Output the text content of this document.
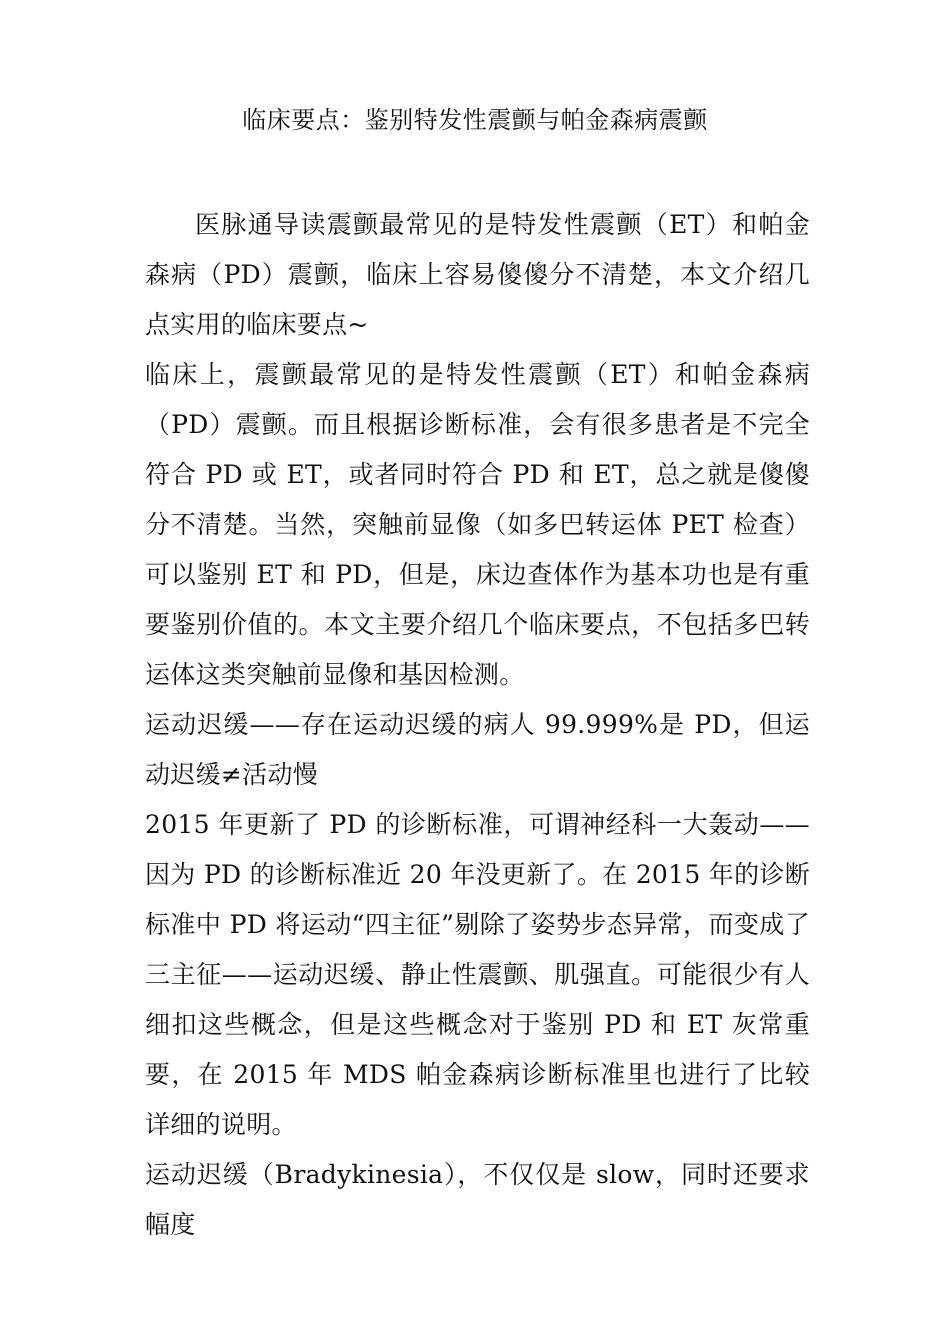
临床要点：鉴别特发性震颤与帕金森病震颤

医脉通导读震颤最常见的是特发性震颤（ET）和帕金森病（PD）震颤，临床上容易傻傻分不清楚，本文介绍几点实用的临床要点~

临床上，震颤最常见的是特发性震颤（ET）和帕金森病（PD）震颤。而且根据诊断标准，会有很多患者是不完全符合 PD 或 ET，或者同时符合 PD 和 ET，总之就是傻傻分不清楚。当然，突触前显像（如多巴转运体 PET 检查）可以鉴别 ET 和 PD，但是，床边查体作为基本功也是有重要鉴别价值的。本文主要介绍几个临床要点，不包括多巴转运体这类突触前显像和基因检测。

运动迟缓——存在运动迟缓的病人 99.999%是 PD，但运动迟缓≠活动慢

2015 年更新了 PD 的诊断标准，可谓神经科一大轰动——因为 PD 的诊断标准近 20 年没更新了。在 2015 年的诊断标准中 PD 将运动“四主征”剔除了姿势步态异常，而变成了三主征——运动迟缓、静止性震颤、肌强直。可能很少有人细扣这些概念，但是这些概念对于鉴别 PD 和 ET 灰常重要，在 2015 年 MDS 帕金森病诊断标准里也进行了比较详细的说明。

运动迟缓（Bradykinesia），不仅仅是 slow，同时还要求幅度
